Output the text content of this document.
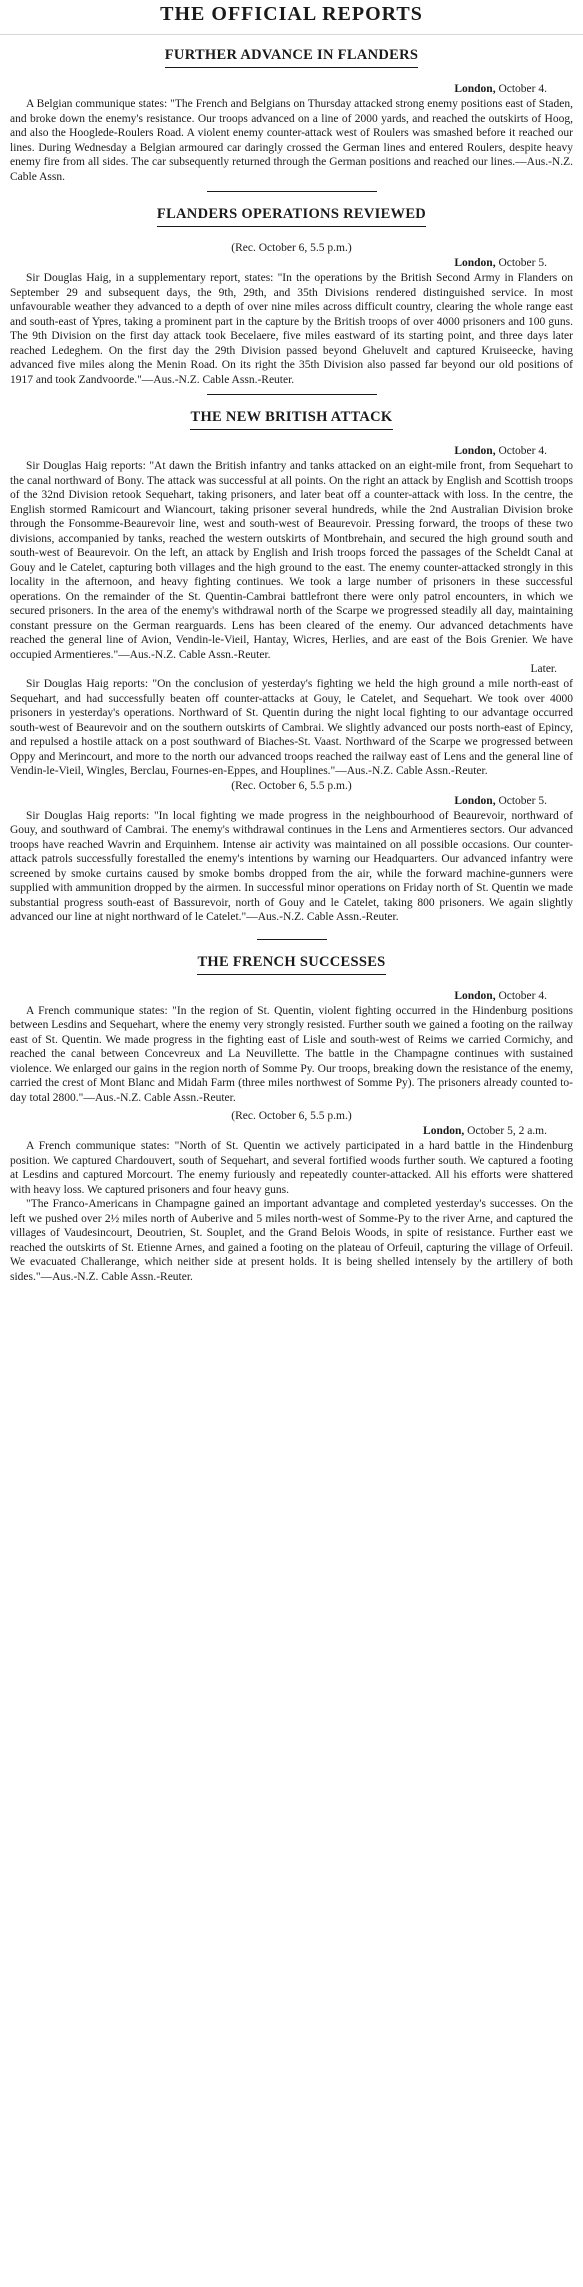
THE OFFICIAL REPORTS
FURTHER ADVANCE IN FLANDERS
London, October 4.

A Belgian communique states: "The French and Belgians on Thursday attacked strong enemy positions east of Staden, and broke down the enemy's resistance. Our troops advanced on a line of 2000 yards, and reached the outskirts of Hoog, and also the Hooglede-Roulers Road. A violent enemy counter-attack west of Roulers was smashed before it reached our lines. During Wednesday a Belgian armoured car daringly crossed the German lines and entered Roulers, despite heavy enemy fire from all sides. The car subsequently returned through the German positions and reached our lines.—Aus.-N.Z. Cable Assn.

FLANDERS OPERATIONS REVIEWED
(Rec. October 6, 5.5 p.m.)
London, October 5.

Sir Douglas Haig, in a supplementary report, states: "In the operations by the British Second Army in Flanders on September 29 and subsequent days, the 9th, 29th, and 35th Divisions rendered distinguished service. In most unfavourable weather they advanced to a depth of over nine miles across difficult country, clearing the whole range east and south-east of Ypres, taking a prominent part in the capture by the British troops of over 4000 prisoners and 100 guns. The 9th Division on the first day attack took Becelaere, five miles eastward of its starting point, and three days later reached Ledeghem. On the first day the 29th Division passed beyond Gheluvelt and captured Kruiseecke, having advanced five miles along the Menin Road. On its right the 35th Division also passed far beyond our old positions of 1917 and took Zandvoorde."—Aus.-N.Z. Cable Assn.-Reuter.

THE NEW BRITISH ATTACK
London, October 4.

Sir Douglas Haig reports: "At dawn the British infantry and tanks attacked on an eight-mile front, from Sequehart to the canal northward of Bony. The attack was successful at all points. On the right an attack by English and Scottish troops of the 32nd Division retook Sequehart, taking prisoners, and later beat off a counter-attack with loss. In the centre, the English stormed Ramicourt and Wiancourt, taking prisoner several hundreds, while the 2nd Australian Division broke through the Fonsomme-Beaurevoir line, west and south-west of Beaurevoir. Pressing forward, the troops of these two divisions, accompanied by tanks, reached the western outskirts of Montbrehain, and secured the high ground south and south-west of Beaurevoir. On the left, an attack by English and Irish troops forced the passages of the Scheldt Canal at Gouy and le Catelet, capturing both villages and the high ground to the east. The enemy counter-attacked strongly in this locality in the afternoon, and heavy fighting continues. We took a large number of prisoners in these successful operations. On the remainder of the St. Quentin-Cambrai battlefront there were only patrol encounters, in which we secured prisoners. In the area of the enemy's withdrawal north of the Scarpe we progressed steadily all day, maintaining constant pressure on the German rearguards. Lens has been cleared of the enemy. Our advanced detachments have reached the general line of Avion, Vendin-le-Vieil, Hantay, Wicres, Herlies, and are east of the Bois Grenier. We have occupied Armentieres."—Aus.-N.Z. Cable Assn.-Reuter.

Later.

Sir Douglas Haig reports: "On the conclusion of yesterday's fighting we held the high ground a mile north-east of Sequehart, and had successfully beaten off counter-attacks at Gouy, le Catelet, and Sequehart. We took over 4000 prisoners in yesterday's operations. Northward of St. Quentin during the night local fighting to our advantage occurred south-west of Beaurevoir and on the southern outskirts of Cambrai. We slightly advanced our posts north-east of Epincy, and repulsed a hostile attack on a post southward of Biaches-St. Vaast. Northward of the Scarpe we progressed between Oppy and Merincourt, and more to the north our advanced troops reached the railway east of Lens and the general line of Vendin-le-Vieil, Wingles, Berclau, Fournes-en-Eppes, and Houplines."—Aus.-N.Z. Cable Assn.-Reuter.

(Rec. October 6, 5.5 p.m.)
London, October 5.

Sir Douglas Haig reports: "In local fighting we made progress in the neighbourhood of Beaurevoir, northward of Gouy, and southward of Cambrai. The enemy's withdrawal continues in the Lens and Armentieres sectors. Our advanced troops have reached Wavrin and Erquinhem. Intense air activity was maintained on all possible occasions. Our counter-attack patrols successfully forestalled the enemy's intentions by warning our Headquarters. Our advanced infantry were screened by smoke curtains caused by smoke bombs dropped from the air, while the forward machine-gunners were supplied with ammunition dropped by the airmen. In successful minor operations on Friday north of St. Quentin we made substantial progress south-east of Bassurevoir, north of Gouy and le Catelet, taking 800 prisoners. We again slightly advanced our line at night northward of le Catelet."—Aus.-N.Z. Cable Assn.-Reuter.

THE FRENCH SUCCESSES
London, October 4.

A French communique states: "In the region of St. Quentin, violent fighting occurred in the Hindenburg positions between Lesdins and Sequehart, where the enemy very strongly resisted. Further south we gained a footing on the railway east of St. Quentin. We made progress in the fighting east of Lisle and south-west of Reims we carried Cormichy, and reached the canal between Concevreux and La Neuvillette. The battle in the Champagne continues with sustained violence. We enlarged our gains in the region north of Somme Py. Our troops, breaking down the resistance of the enemy, carried the crest of Mont Blanc and Midah Farm (three miles northwest of Somme Py). The prisoners already counted to-day total 2800."—Aus.-N.Z. Cable Assn.-Reuter.

(Rec. October 6, 5.5 p.m.)
London, October 5, 2 a.m.

A French communique states: "North of St. Quentin we actively participated in a hard battle in the Hindenburg position. We captured Chardouvert, south of Sequehart, and several fortified woods further south. We captured a footing at Lesdins and captured Morcourt. The enemy furiously and repeatedly counter-attacked. All his efforts were shattered with heavy loss. We captured prisoners and four heavy guns.

"The Franco-Americans in Champagne gained an important advantage and completed yesterday's successes. On the left we pushed over 2½ miles north of Auberive and 5 miles north-west of Somme-Py to the river Arne, and captured the villages of Vaudesincourt, Deoutrien, St. Souplet, and the Grand Belois Woods, in spite of resistance. Further east we reached the outskirts of St. Etienne Arnes, and gained a footing on the plateau of Orfeuil, capturing the village of Orfeuil. We evacuated Challerange, which neither side at present holds. It is being shelled intensely by the artillery of both sides."—Aus.-N.Z. Cable Assn.-Reuter.
